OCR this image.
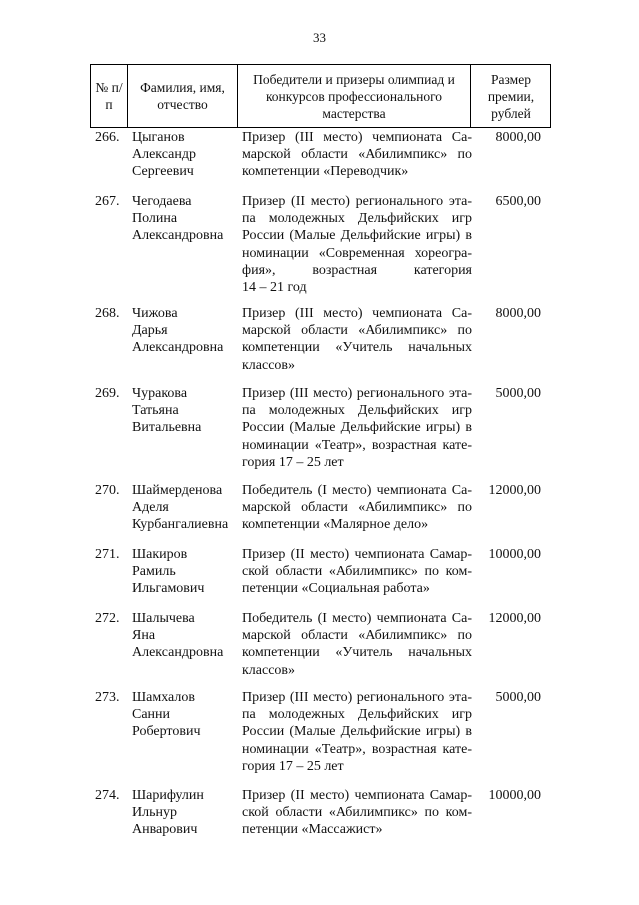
33
№ п/п
Фамилия, имя, отчество
Победители и призеры олимпиад и конкурсов профессионального мастерства
Размер премии, рублей
266. Цыганов
Александр
Сергеевич
Призер (III место) чемпионата Са-
марской области «Абилимпикс» по
компетенции «Переводчик»
8000,00
267. Чегодаева
Полина
Александровна
Призер (II место) регионального эта-
па молодежных Дельфийских игр
России (Малые Дельфийские игры) в
номинации «Современная хореогра-
фия», возрастная категория
14 – 21 год
6500,00
268. Чижова
Дарья
Александровна
Призер (III место) чемпионата Са-
марской области «Абилимпикс» по
компетенции «Учитель начальных
классов»
8000,00
269. Чуракова
Татьяна
Витальевна
Призер (III место) регионального эта-
па молодежных Дельфийских игр
России (Малые Дельфийские игры) в
номинации «Театр», возрастная кате-
гория 17 – 25 лет
5000,00
270. Шаймерденова
Аделя
Курбангалиевна
Победитель (I место) чемпионата Са-
марской области «Абилимпикс» по
компетенции «Малярное дело»
12000,00
271. Шакиров
Рамиль
Ильгамович
Призер (II место) чемпионата Самар-
ской области «Абилимпикс» по ком-
петенции «Социальная работа»
10000,00
272. Шалычева
Яна
Александровна
Победитель (I место) чемпионата Са-
марской области «Абилимпикс» по
компетенции «Учитель начальных
классов»
12000,00
273. Шамхалов
Санни
Робертович
Призер (III место) регионального эта-
па молодежных Дельфийских игр
России (Малые Дельфийские игры) в
номинации «Театр», возрастная кате-
гория 17 – 25 лет
5000,00
274. Шарифулин
Ильнур
Анварович
Призер (II место) чемпионата Самар-
ской области «Абилимпикс» по ком-
петенции «Массажист»
10000,00
